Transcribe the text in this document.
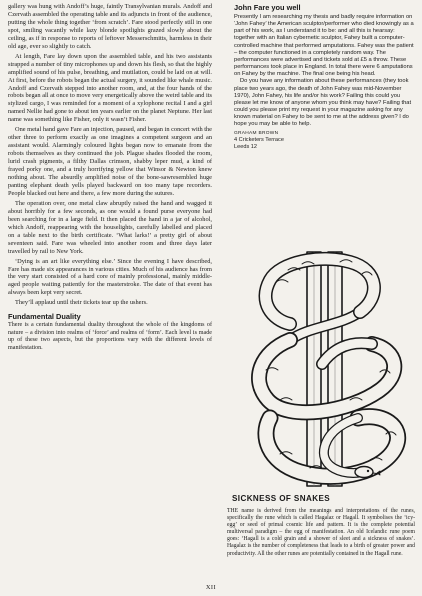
gallery was hung with Andoff’s huge, faintly Transylvanian murals. Andoff and Czervath assembled the operating table and its adjuncts in front of the audience, putting the whole thing together ‘from scratch’. Fare stood perfectly still in one spot, smiling vacantly while lazy blonde spotlights grazed slowly about the ceiling, as if in response to reports of leftover Messerschmitts, harmless in their old age, ever so slightly to catch.

At length, Fare lay down upon the assembled table, and his two assistants strapped a number of tiny microphones up and down his flesh, so that the highly amplified sound of his pulse, breathing, and mutilation, could be laid on at will. At first, before the robots began the actual surgery, it sounded like whale music. Andoff and Czervath stepped into another room, and, at the four hands of the robots began all at once to move very energetically above the weird table and its stylized cargo, I was reminded for a moment of a xylophone recital I and a girl named Nellie had gone to about ten years earlier on the planet Neptune. Her last name was something like Fisher, only it wasn’t Fisher.

One metal hand gave Fare an injection, paused, and began in concert with the other three to perform exactly as one imagines a competent surgeon and an assistant would. Alarmingly coloured lights began now to emanate from the robots themselves as they continued the job. Plague shades flooded the room, lurid crash pigments, a filthy Dallas crimson, shabby leper mud, a kind of frayed porky one, and a truly horrifying yellow that Winsor & Newton knew nothing about. The absurdly amplified noise of the bone-sawresembled huge panting elephant death yells played backward on too many tape recorders. People blacked out here and there, a few more during the sutures.

The operation over, one metal claw abruptly raised the hand and wagged it about horribly for a few seconds, as one would a found purse everyone had been searching for in a large field. It then placed the hand in a jar of alcohol, which Andoff, reappearing with the houselights, carefully labelled and placed on a table next to the birth certificate. ‘What larks!’ a pretty girl of about seventeen said. Fare was wheeled into another room and three days later travelled by rail to New York.

‘Dying is an art like everything else.’ Since the evening I have described, Fare has made six appearances in various cities. Much of his audience has from the very start consisted of a hard core of mainly professional, mainly middle-aged people waiting patiently for the masterstroke. The date of that event has always been kept very secret.

They’ll applaud until their tickets tear up the ushers.

Fundamental Duality

There is a certain fundamental duality throughout the whole of the kingdoms of nature – a division into realms of ‘force’ and realms of ‘form’. Each level is made up of these two aspects, but the proportions vary with the different levels of manifestation.

John Fare you well

Presently I am researching my thesis and badly require information on ‘John Fahey’ the American sculptor/performer who died knowingly as a part of his work, as I understand it to be: and all this is hearsay: together with an Italian cybernetic sculptor, Fahey built a computer-controlled machine that performed amputations. Fahey was the patient – the computer functioned in a completely random way. The performances were advertised and tickets sold at £5 a throw. These performances took place in England. In total there were 6 amputations on Fahey by the machine. The final one being his head.

Do you have any information about these performances (they took place two years ago, the death of John Fahey was mid-November 1970), John Fahey, his life and/or his work? Failing this could you please let me know of anyone whom you think may have? Failing that could you please print my request in your magazine asking for any known material on Fahey to be sent to me at the address given? I do hope you may be able to help.

GRAHAM BROWN
4 Cricketers Terrace
Leeds 12
SICKNESS OF SNAKES

THE name is derived from the meanings and interpretations of the runes, specifically the rune which is called Hagalaz or Hagall. It symbolises the ‘icy-egg’ or seed of primal cosmic life and pattern. It is the complete potential multiversal paradigm – the egg of manifestation. An old Icelandic rune poem goes: ‘Hagall is a cold grain and a shower of sleet and a sickness of snakes’. Hagalaz is the number of completeness that leads to a birth of greater power and productivity. All the other runes are potentially contained in the Hagall rune.

XII
